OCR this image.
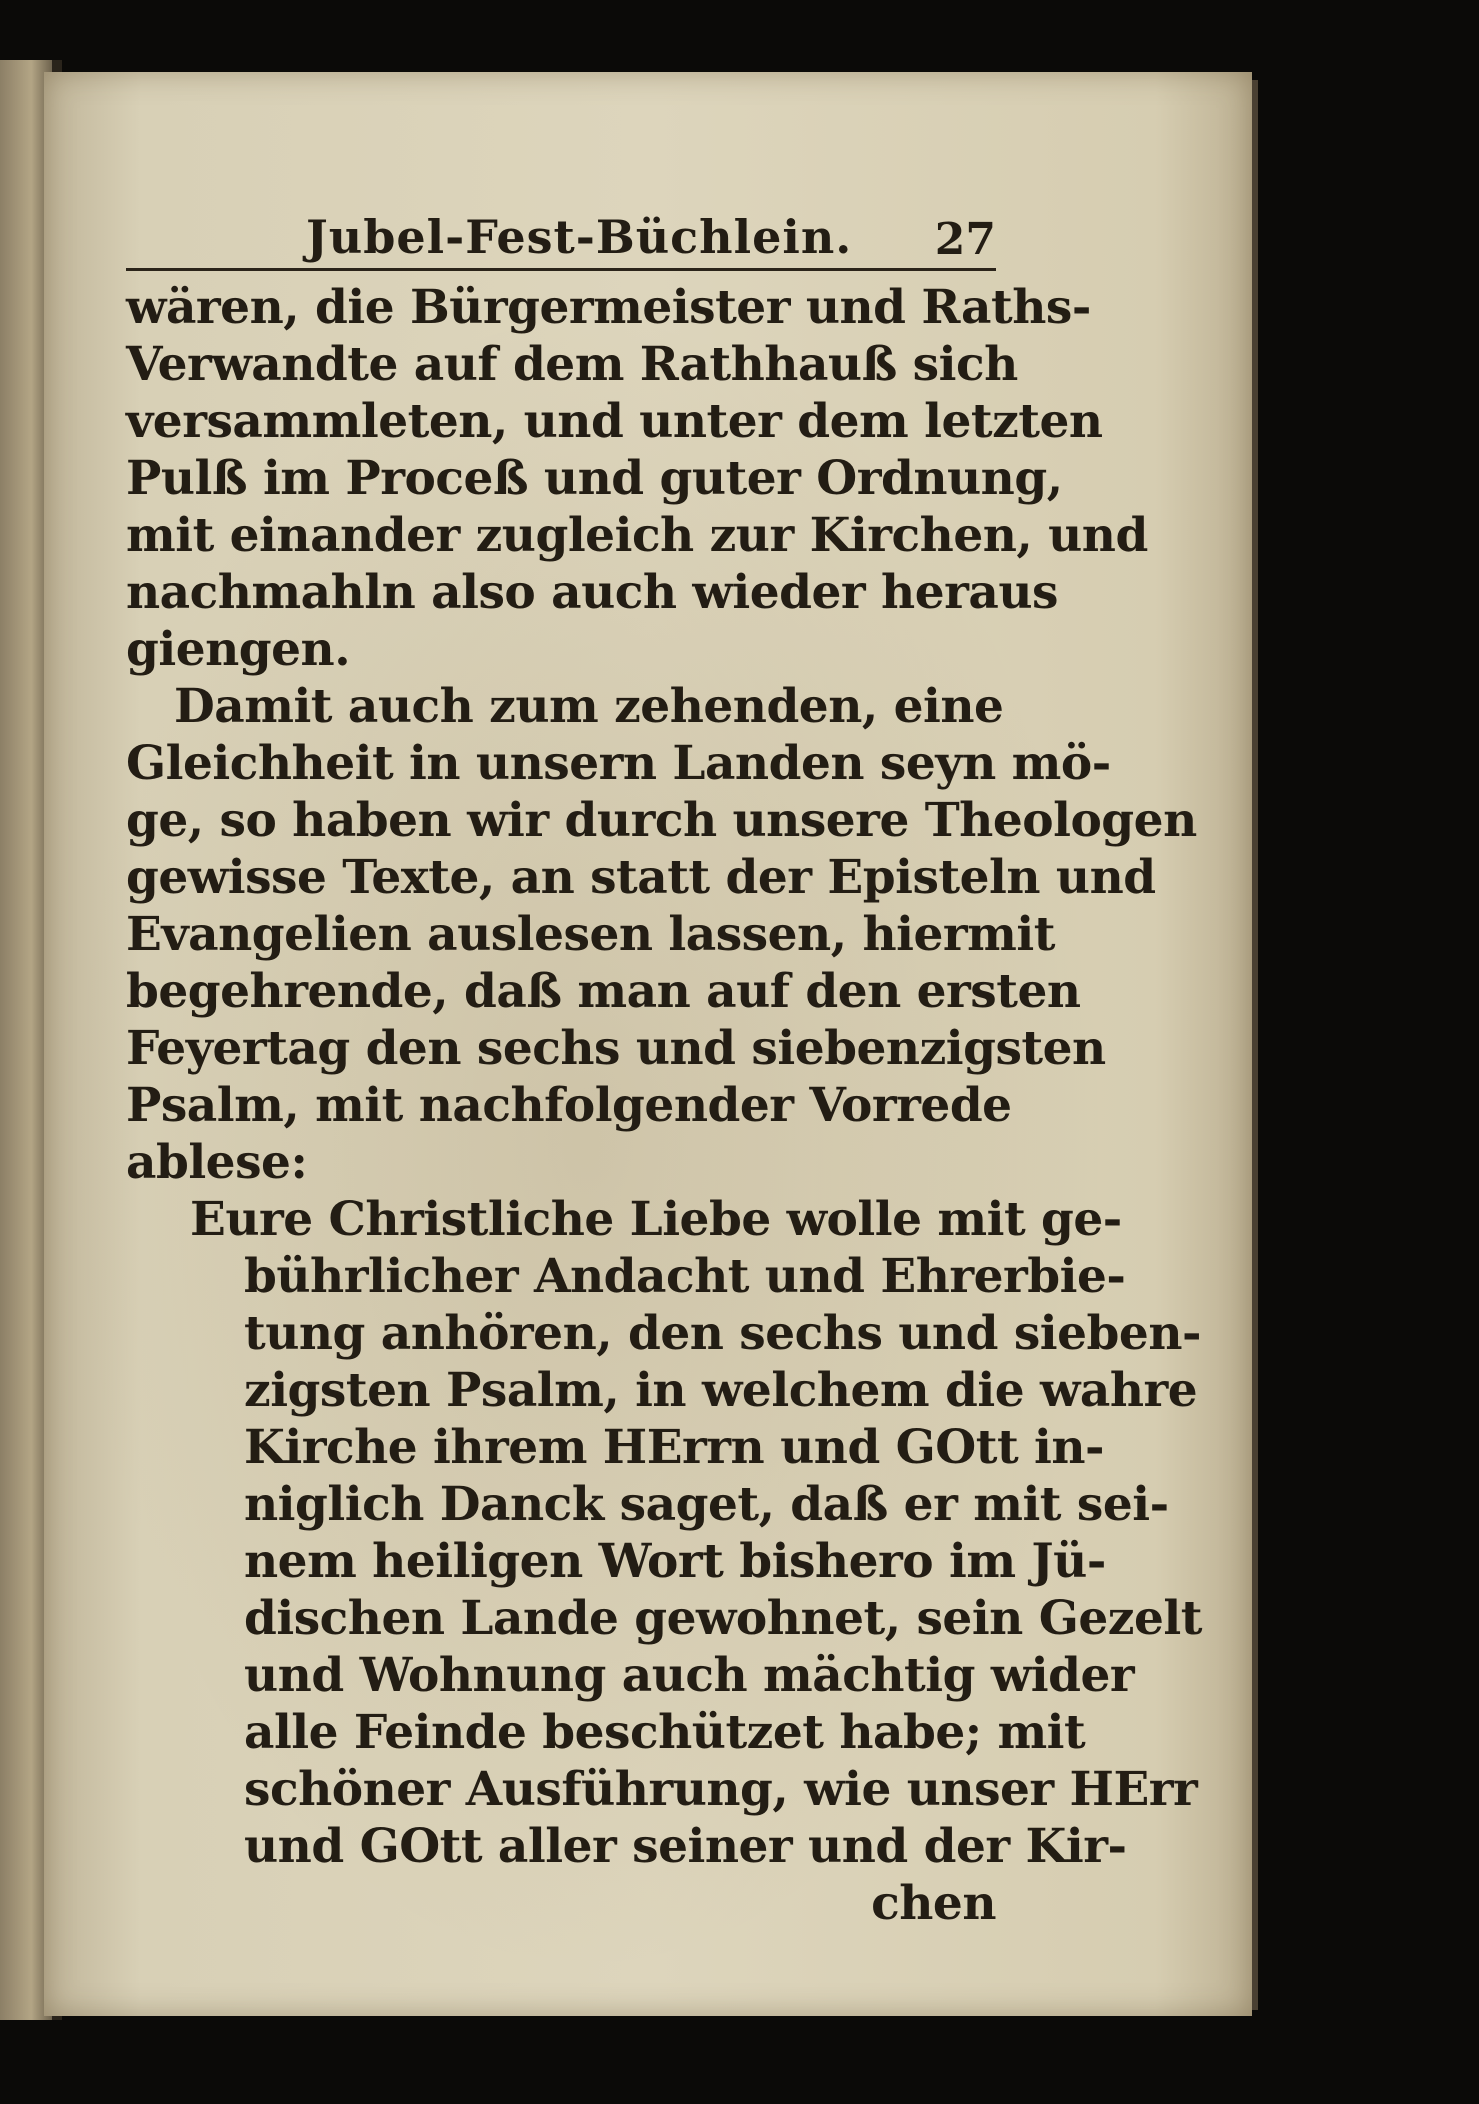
Jubel-Fest-Büchlein. 27
wären, die Bürgermeister und Raths-
Verwandte auf dem Rathhauß sich
versammleten, und unter dem letzten
Pulß im Proceß und guter Ordnung,
mit einander zugleich zur Kirchen, und
nachmahln also auch wieder heraus
giengen.
Damit auch zum zehenden, eine
Gleichheit in unsern Landen seyn mö-
ge, so haben wir durch unsere Theologen
gewisse Texte, an statt der Episteln und
Evangelien auslesen lassen, hiermit
begehrende, daß man auf den ersten
Feyertag den sechs und siebenzigsten
Psalm, mit nachfolgender Vorrede
ablese:
Eure Christliche Liebe wolle mit ge-
bührlicher Andacht und Ehrerbie-
tung anhören, den sechs und sieben-
zigsten Psalm, in welchem die wahre
Kirche ihrem HErrn und GOtt in-
niglich Danck saget, daß er mit sei-
nem heiligen Wort bishero im Jü-
dischen Lande gewohnet, sein Gezelt
und Wohnung auch mächtig wider
alle Feinde beschützet habe; mit
schöner Ausführung, wie unser HErr
und GOtt aller seiner und der Kir-
chen
